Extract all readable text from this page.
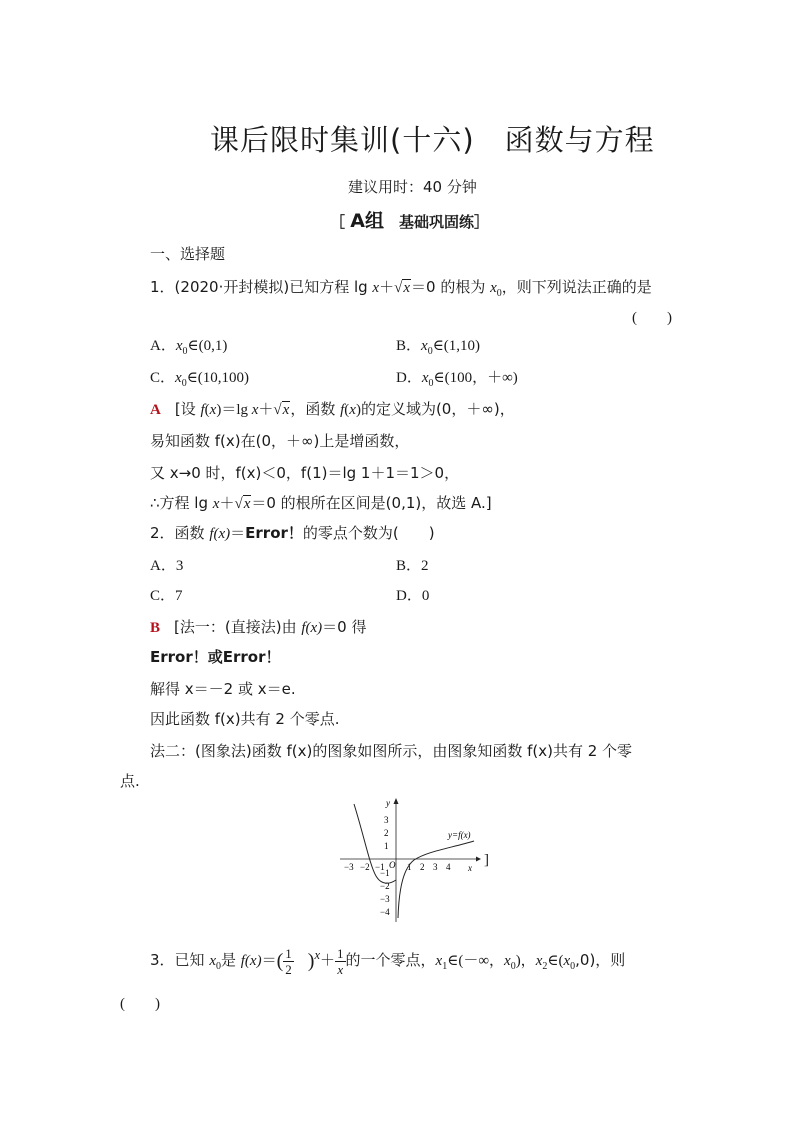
课后限时集训(十六)　函数与方程
建议用时：40 分钟
［ A组　基础巩固练］
一、选择题
1．(2020·开封模拟)已知方程 lg x＋√x＝0 的根为 $x_0$，则下列说法正确的是
(　　)
A．$x_0\in(0,1)$	B．$x_0\in(1,10)$
C．$x_0\in(10,100)$	D．$x_0\in(100$，＋∞)
A [设 f(x)＝lg x＋√x，函数 f(x)的定义域为(0，＋∞)，
易知函数 f(x)在(0，＋∞)上是增函数，
又 x→0 时，f(x)＜0，f(1)＝lg 1＋1＝1＞0，
∴方程 lg x＋√x＝0 的根所在区间是(0,1)，故选 A.]
2．函数 f(x)＝Error！的零点个数为(　　)
A．3	B．2
C．7	D．0
B [法一：(直接法)由 f(x)＝0 得
Error！或Error！
解得 x＝－2 或 x＝e.
因此函数 f(x)共有 2 个零点.
法二：(图象法)函数 f(x)的图象如图所示，由图象知函数 f(x)共有 2 个零
点.
y
x
O
−3 −2 −1 1 2 3 4
3
2
1
−1
−2
−3
−4
y=f(x)
]
3．已知 $x_0$是 $f(x)=( \frac{1}{2} )^x+ \frac{1}{x}$的一个零点，$x_1\in(-\infty$，$x_0$)，$x_2\in(x_0,0)$，则
(　　)
